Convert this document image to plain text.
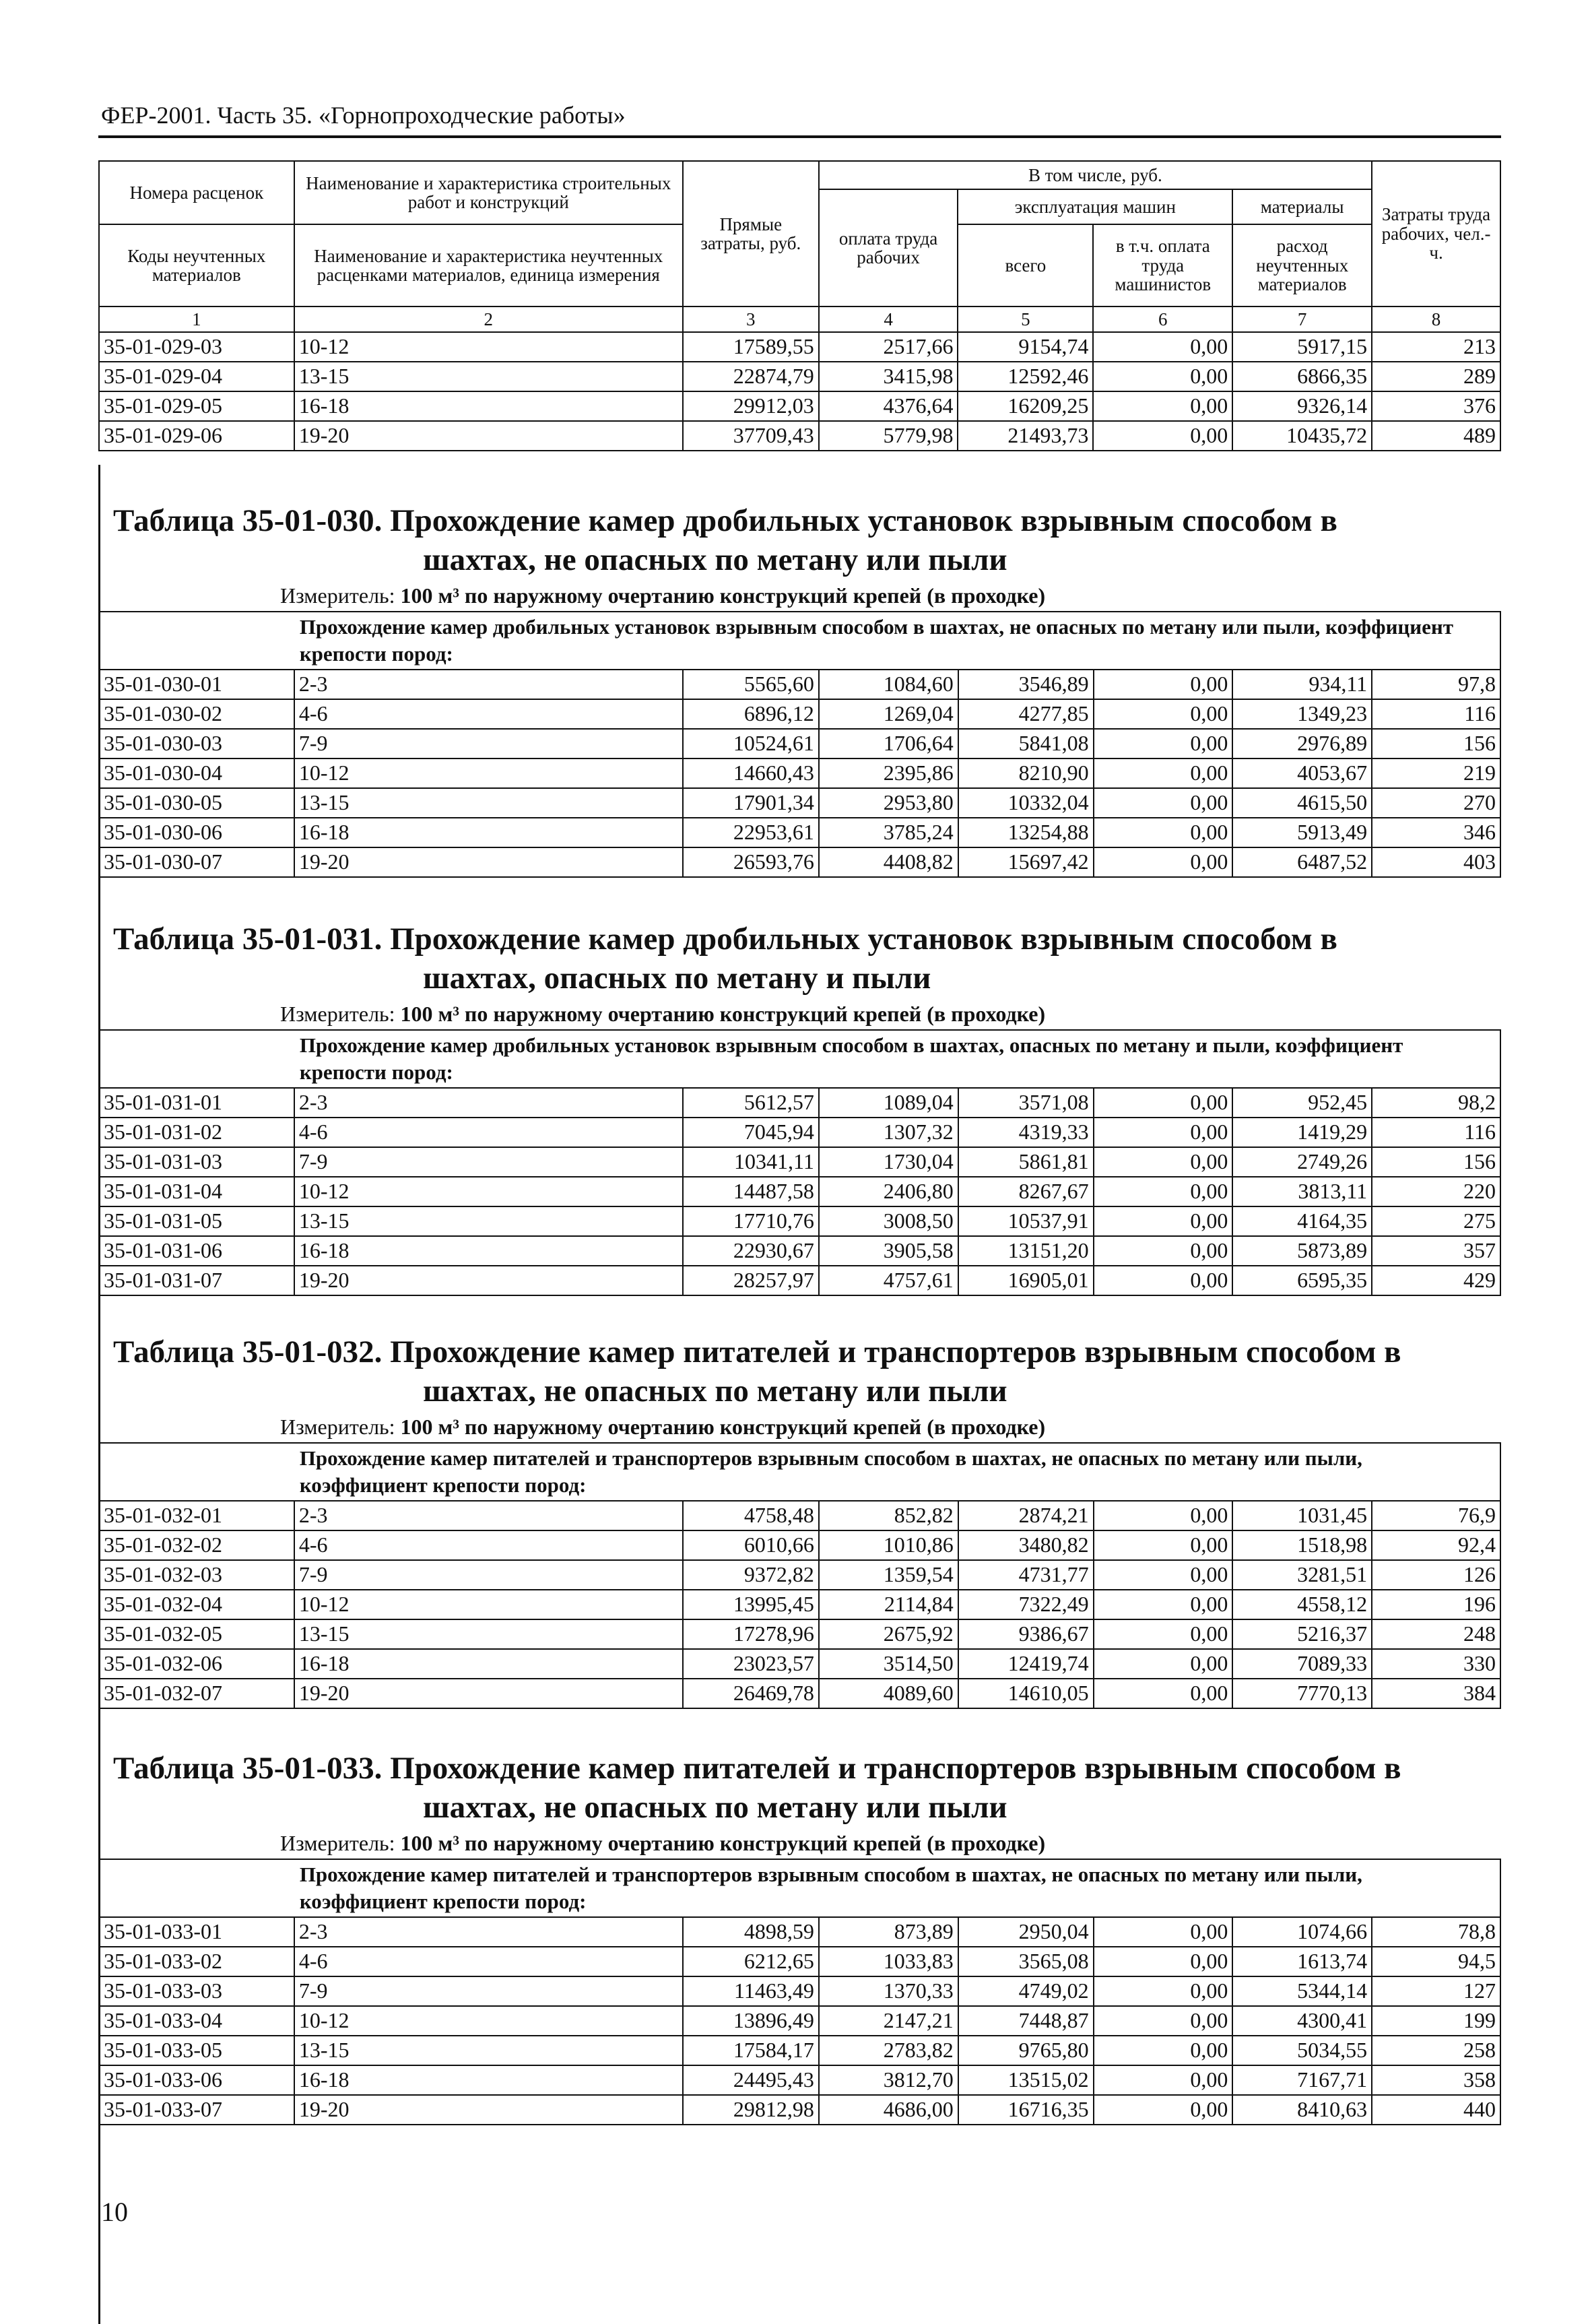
ФЕР-2001. Часть 35. «Горнопроходческие работы»
Номера расценок	Наименование и характеристика строительных работ и конструкций	Прямые затраты, руб.	В том числе, руб.				Затраты труда рабочих, чел.-ч.
			оплата труда рабочих	эксплуатация машин		материалы	
Коды неучтенных материалов	Наименование и характеристика неучтенных расценками материалов, единица измерения			всего	в т.ч. оплата труда машинистов	расход неучтенных материалов	

1	2	3	4	5	6	7	8
35-01-029-03	10-12	17589,55	2517,66	9154,74	0,00	5917,15	213
35-01-029-04	13-15	22874,79	3415,98	12592,46	0,00	6866,35	289
35-01-029-05	16-18	29912,03	4376,64	16209,25	0,00	9326,14	376
35-01-029-06	19-20	37709,43	5779,98	21493,73	0,00	10435,72	489
Таблица 35-01-030. Прохождение камер дробильных установок взрывным способом в
шахтах, не опасных по метану или пыли
Измеритель: 100 м³ по наружному очертанию конструкций крепей (в проходке)
	Прохождение камер дробильных установок взрывным способом в шахтах, не опасных по метану или пыли, коэффициент крепости пород:						
35-01-030-01	2-3	5565,60	1084,60	3546,89	0,00	934,11	97,8
35-01-030-02	4-6	6896,12	1269,04	4277,85	0,00	1349,23	116
35-01-030-03	7-9	10524,61	1706,64	5841,08	0,00	2976,89	156
35-01-030-04	10-12	14660,43	2395,86	8210,90	0,00	4053,67	219
35-01-030-05	13-15	17901,34	2953,80	10332,04	0,00	4615,50	270
35-01-030-06	16-18	22953,61	3785,24	13254,88	0,00	5913,49	346
35-01-030-07	19-20	26593,76	4408,82	15697,42	0,00	6487,52	403
Таблица 35-01-031. Прохождение камер дробильных установок взрывным способом в
шахтах, опасных по метану и пыли
Измеритель: 100 м³ по наружному очертанию конструкций крепей (в проходке)
	Прохождение камер дробильных установок взрывным способом в шахтах, опасных по метану и пыли, коэффициент крепости пород:						
35-01-031-01	2-3	5612,57	1089,04	3571,08	0,00	952,45	98,2
35-01-031-02	4-6	7045,94	1307,32	4319,33	0,00	1419,29	116
35-01-031-03	7-9	10341,11	1730,04	5861,81	0,00	2749,26	156
35-01-031-04	10-12	14487,58	2406,80	8267,67	0,00	3813,11	220
35-01-031-05	13-15	17710,76	3008,50	10537,91	0,00	4164,35	275
35-01-031-06	16-18	22930,67	3905,58	13151,20	0,00	5873,89	357
35-01-031-07	19-20	28257,97	4757,61	16905,01	0,00	6595,35	429
Таблица 35-01-032. Прохождение камер питателей и транспортеров взрывным способом в
шахтах, не опасных по метану или пыли
Измеритель: 100 м³ по наружному очертанию конструкций крепей (в проходке)
	Прохождение камер питателей и транспортеров взрывным способом в шахтах, не опасных по метану или пыли, коэффициент крепости пород:						
35-01-032-01	2-3	4758,48	852,82	2874,21	0,00	1031,45	76,9
35-01-032-02	4-6	6010,66	1010,86	3480,82	0,00	1518,98	92,4
35-01-032-03	7-9	9372,82	1359,54	4731,77	0,00	3281,51	126
35-01-032-04	10-12	13995,45	2114,84	7322,49	0,00	4558,12	196
35-01-032-05	13-15	17278,96	2675,92	9386,67	0,00	5216,37	248
35-01-032-06	16-18	23023,57	3514,50	12419,74	0,00	7089,33	330
35-01-032-07	19-20	26469,78	4089,60	14610,05	0,00	7770,13	384
Таблица 35-01-033. Прохождение камер питателей и транспортеров взрывным способом в
шахтах, не опасных по метану или пыли
Измеритель: 100 м³ по наружному очертанию конструкций крепей (в проходке)
	Прохождение камер питателей и транспортеров взрывным способом в шахтах, не опасных по метану или пыли, коэффициент крепости пород:						
35-01-033-01	2-3	4898,59	873,89	2950,04	0,00	1074,66	78,8
35-01-033-02	4-6	6212,65	1033,83	3565,08	0,00	1613,74	94,5
35-01-033-03	7-9	11463,49	1370,33	4749,02	0,00	5344,14	127
35-01-033-04	10-12	13896,49	2147,21	7448,87	0,00	4300,41	199
35-01-033-05	13-15	17584,17	2783,82	9765,80	0,00	5034,55	258
35-01-033-06	16-18	24495,43	3812,70	13515,02	0,00	7167,71	358
35-01-033-07	19-20	29812,98	4686,00	16716,35	0,00	8410,63	440
10
